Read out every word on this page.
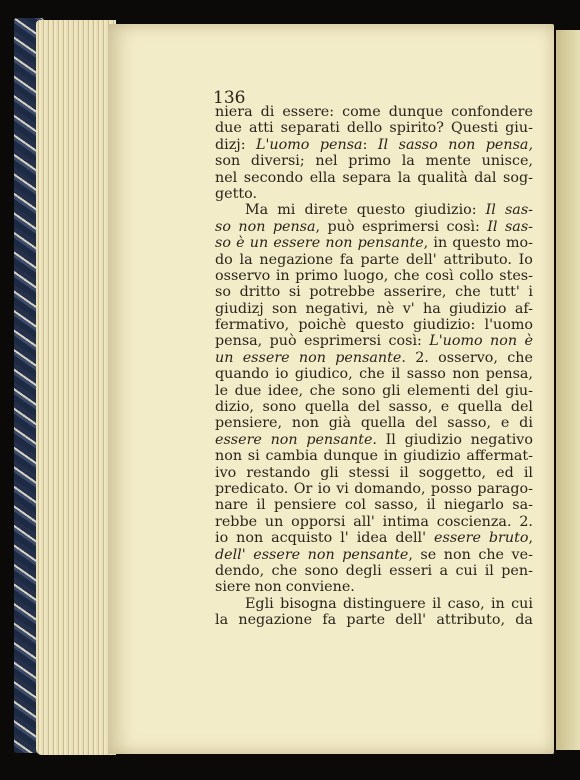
136
niera di essere: come dunque confondere
due atti separati dello spirito? Questi giu-
dizj: L'uomo pensa: Il sasso non pensa,
son diversi; nel primo la mente unisce,
nel secondo ella separa la qualità dal sog-
getto.
Ma mi direte questo giudizio: Il sas-
so non pensa, può esprimersi così: Il sas-
so è un essere non pensante, in questo mo-
do la negazione fa parte dell' attributo. Io
osservo in primo luogo, che così collo stes-
so dritto si potrebbe asserire, che tutt' i
giudizj son negativi, nè v' ha giudizio af-
fermativo, poichè questo giudizio: l'uomo
pensa, può esprimersi così: L'uomo non è
un essere non pensante. 2. osservo, che
quando io giudico, che il sasso non pensa,
le due idee, che sono gli elementi del giu-
dizio, sono quella del sasso, e quella del
pensiere, non già quella del sasso, e di
essere non pensante. Il giudizio negativo
non si cambia dunque in giudizio affermat-
ivo restando gli stessi il soggetto, ed il
predicato. Or io vi domando, posso parago-
nare il pensiere col sasso, il niegarlo sa-
rebbe un opporsi all' intima coscienza. 2.
io non acquisto l' idea dell' essere bruto,
dell' essere non pensante, se non che ve-
dendo, che sono degli esseri a cui il pen-
siere non conviene.
Egli bisogna distinguere il caso, in cui
la negazione fa parte dell' attributo, da
